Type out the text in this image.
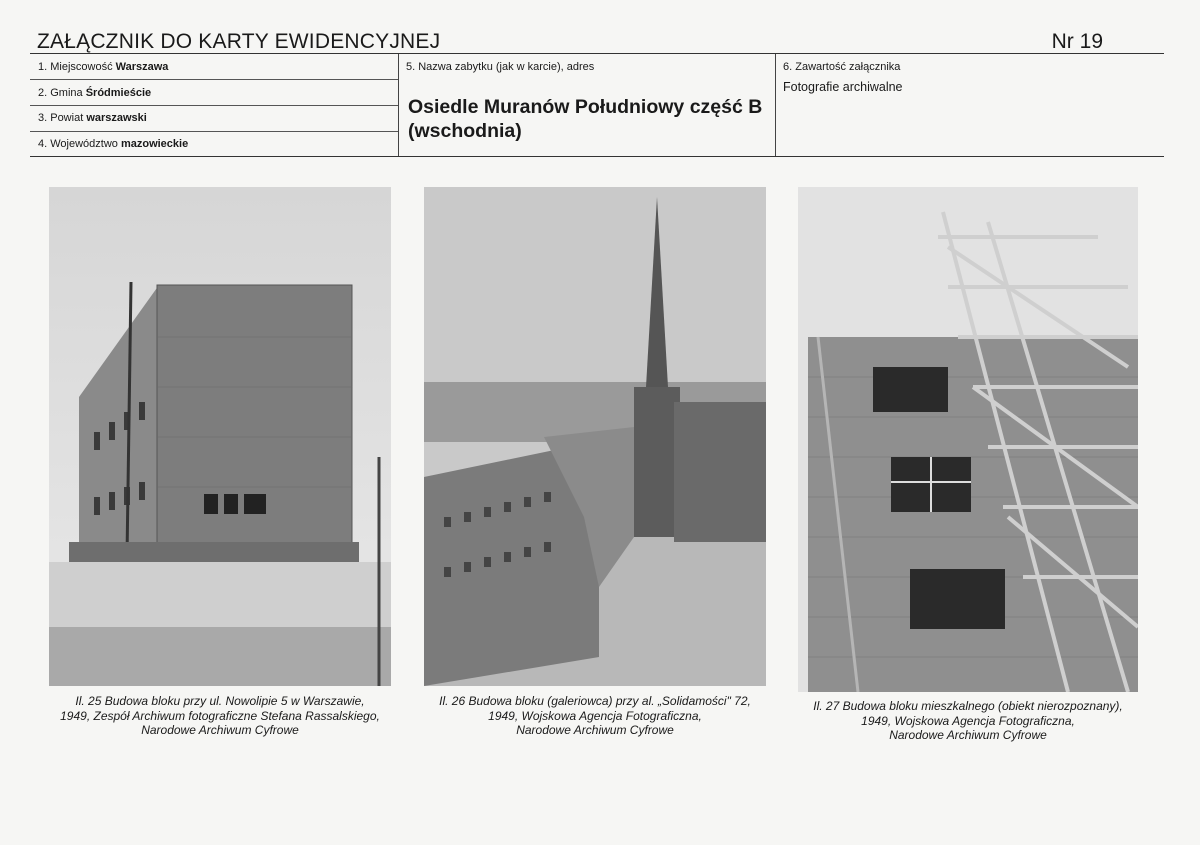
ZAŁĄCZNIK DO KARTY EWIDENCYJNEJ	Nr 19
1. Miejscowość Warszawa
2. Gmina Śródmieście
3. Powiat warszawski
4. Województwo mazowieckie
5. Nazwa zabytku (jak w karcie), adres
Osiedle Muranów Południowy część B (wschodnia)
6. Zawartość załącznika
Fotografie archiwalne
Il. 25 Budowa bloku przy ul. Nowolipie 5 w Warszawie,
1949, Zespół Archiwum fotograficzne Stefana Rassalskiego,
Narodowe Archiwum Cyfrowe
Il. 26 Budowa bloku (galeriowca) przy al. „Solidamości" 72,
1949, Wojskowa Agencja Fotograficzna,
Narodowe Archiwum Cyfrowe
Il. 27 Budowa bloku mieszkalnego (obiekt nierozpoznany),
1949, Wojskowa Agencja Fotograficzna,
Narodowe Archiwum Cyfrowe
